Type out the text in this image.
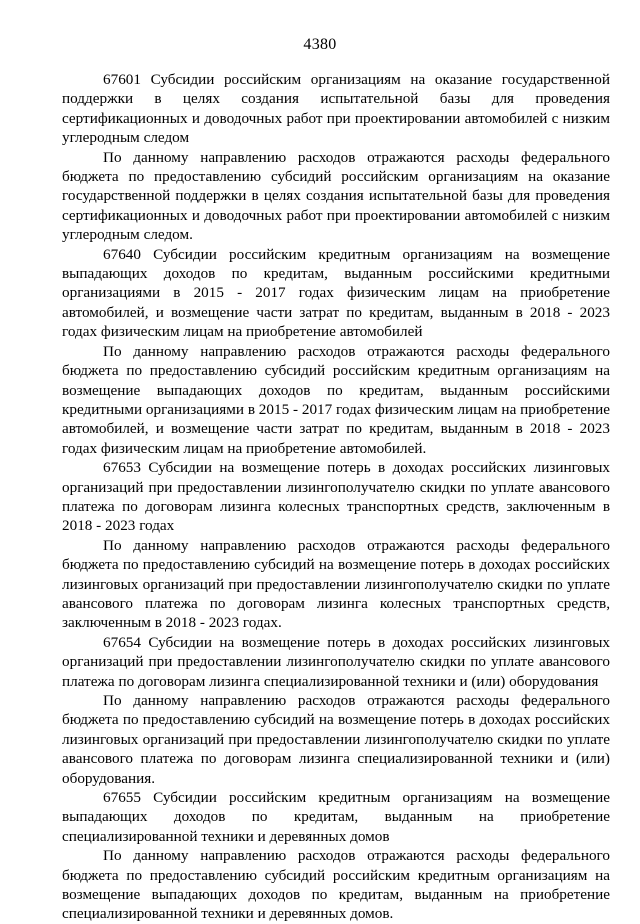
4380

67601 Субсидии российским организациям на оказание государственной поддержки в целях создания испытательной базы для проведения сертификационных и доводочных работ при проектировании автомобилей с низким углеродным следом

По данному направлению расходов отражаются расходы федерального бюджета по предоставлению субсидий российским организациям на оказание государственной поддержки в целях создания испытательной базы для проведения сертификационных и доводочных работ при проектировании автомобилей с низким углеродным следом.

67640 Субсидии российским кредитным организациям на возмещение выпадающих доходов по кредитам, выданным российскими кредитными организациями в 2015 - 2017 годах физическим лицам на приобретение автомобилей, и возмещение части затрат по кредитам, выданным в 2018 - 2023 годах физическим лицам на приобретение автомобилей

По данному направлению расходов отражаются расходы федерального бюджета по предоставлению субсидий российским кредитным организациям на возмещение выпадающих доходов по кредитам, выданным российскими кредитными организациями в 2015 - 2017 годах физическим лицам на приобретение автомобилей, и возмещение части затрат по кредитам, выданным в 2018 - 2023 годах физическим лицам на приобретение автомобилей.

67653 Субсидии на возмещение потерь в доходах российских лизинговых организаций при предоставлении лизингополучателю скидки по уплате авансового платежа по договорам лизинга колесных транспортных средств, заключенным в 2018 - 2023 годах

По данному направлению расходов отражаются расходы федерального бюджета по предоставлению субсидий на возмещение потерь в доходах российских лизинговых организаций при предоставлении лизингополучателю скидки по уплате авансового платежа по договорам лизинга колесных транспортных средств, заключенным в 2018 - 2023 годах.

67654 Субсидии на возмещение потерь в доходах российских лизинговых организаций при предоставлении лизингополучателю скидки по уплате авансового платежа по договорам лизинга специализированной техники и (или) оборудования

По данному направлению расходов отражаются расходы федерального бюджета по предоставлению субсидий на возмещение потерь в доходах российских лизинговых организаций при предоставлении лизингополучателю скидки по уплате авансового платежа по договорам лизинга специализированной техники и (или) оборудования.

67655 Субсидии российским кредитным организациям на возмещение выпадающих доходов по кредитам, выданным на приобретение специализированной техники и деревянных домов

По данному направлению расходов отражаются расходы федерального бюджета по предоставлению субсидий российским кредитным организациям на возмещение выпадающих доходов по кредитам, выданным на приобретение специализированной техники и деревянных домов.
